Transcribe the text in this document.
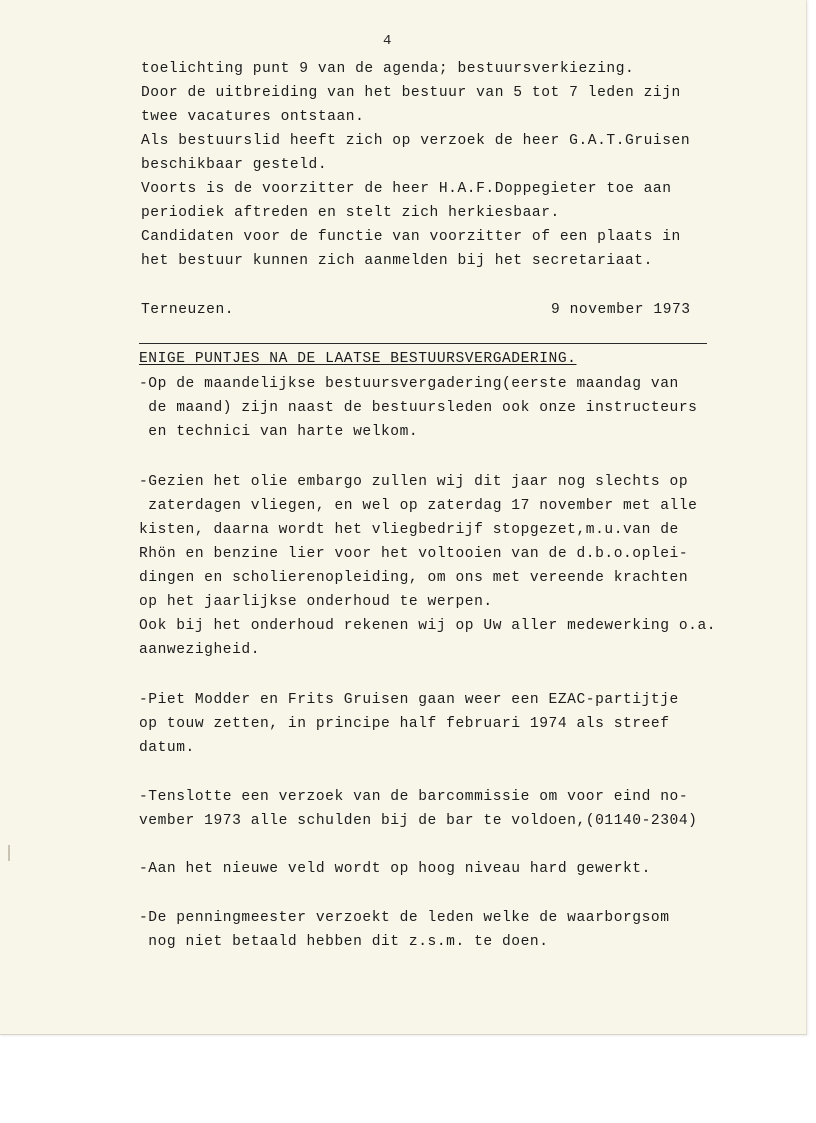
4
toelichting punt 9 van de agenda; bestuursverkiezing.
Door de uitbreiding van het bestuur van 5 tot 7 leden zijn
twee vacatures ontstaan.
Als bestuurslid heeft zich op verzoek de heer G.A.T.Gruisen
beschikbaar gesteld.
Voorts is de voorzitter de heer H.A.F.Doppegieter toe aan
periodiek aftreden en stelt zich herkiesbaar.
Candidaten voor de functie van voorzitter of een plaats in
het bestuur kunnen zich aanmelden bij het secretariaat.
Terneuzen.	9 november 1973
ENIGE PUNTJES NA DE LAATSE BESTUURSVERGADERING.
-Op de maandelijkse bestuursvergadering(eerste maandag van
de maand) zijn naast de bestuursleden ook onze instructeurs
en technici van harte welkom.
-Gezien het olie embargo zullen wij dit jaar nog slechts op
zaterdagen vliegen, en wel op zaterdag 17 november met alle
kisten, daarna wordt het vliegbedrijf stopgezet,m.u.van de
Rhön en benzine lier voor het voltooien van de d.b.o.oplei-
dingen en scholierenopleiding, om ons met vereende krachten
op het jaarlijkse onderhoud te werpen.
Ook bij het onderhoud rekenen wij op Uw aller medewerking o.a.
aanwezigheid.
-Piet Modder en Frits Gruisen gaan weer een EZAC-partijtje
op touw zetten, in principe half februari 1974 als streef
datum.
-Tenslotte een verzoek van de barcommissie om voor eind no-
vember 1973 alle schulden bij de bar te voldoen,(01140-2304)
-Aan het nieuwe veld wordt op hoog niveau hard gewerkt.
-De penningmeester verzoekt de leden welke de waarborgsom
nog niet betaald hebben dit z.s.m. te doen.
